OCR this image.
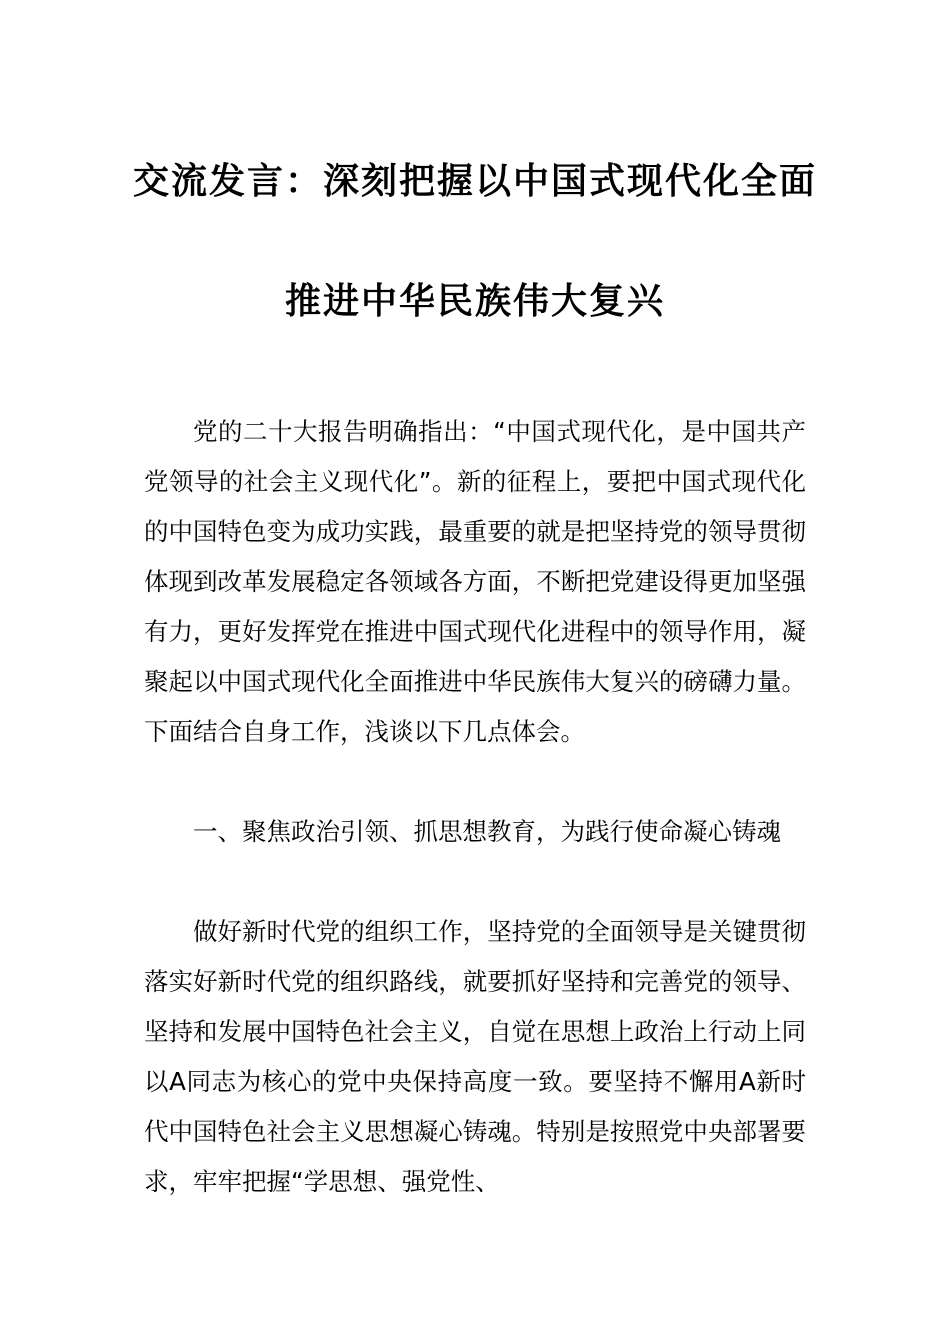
交流发言：深刻把握以中国式现代化全面
推进中华民族伟大复兴

党的二十大报告明确指出：“中国式现代化，是中国共产党领导的社会主义现代化”。新的征程上，要把中国式现代化的中国特色变为成功实践，最重要的就是把坚持党的领导贯彻体现到改革发展稳定各领域各方面，不断把党建设得更加坚强有力，更好发挥党在推进中国式现代化进程中的领导作用，凝聚起以中国式现代化全面推进中华民族伟大复兴的磅礴力量。下面结合自身工作，浅谈以下几点体会。

一、聚焦政治引领、抓思想教育，为践行使命凝心铸魂

做好新时代党的组织工作，坚持党的全面领导是关键贯彻落实好新时代党的组织路线，就要抓好坚持和完善党的领导、坚持和发展中国特色社会主义，自觉在思想上政治上行动上同以A同志为核心的党中央保持高度一致。要坚持不懈用A新时代中国特色社会主义思想凝心铸魂。特别是按照党中央部署要求，牢牢把握“学思想、强党性、
